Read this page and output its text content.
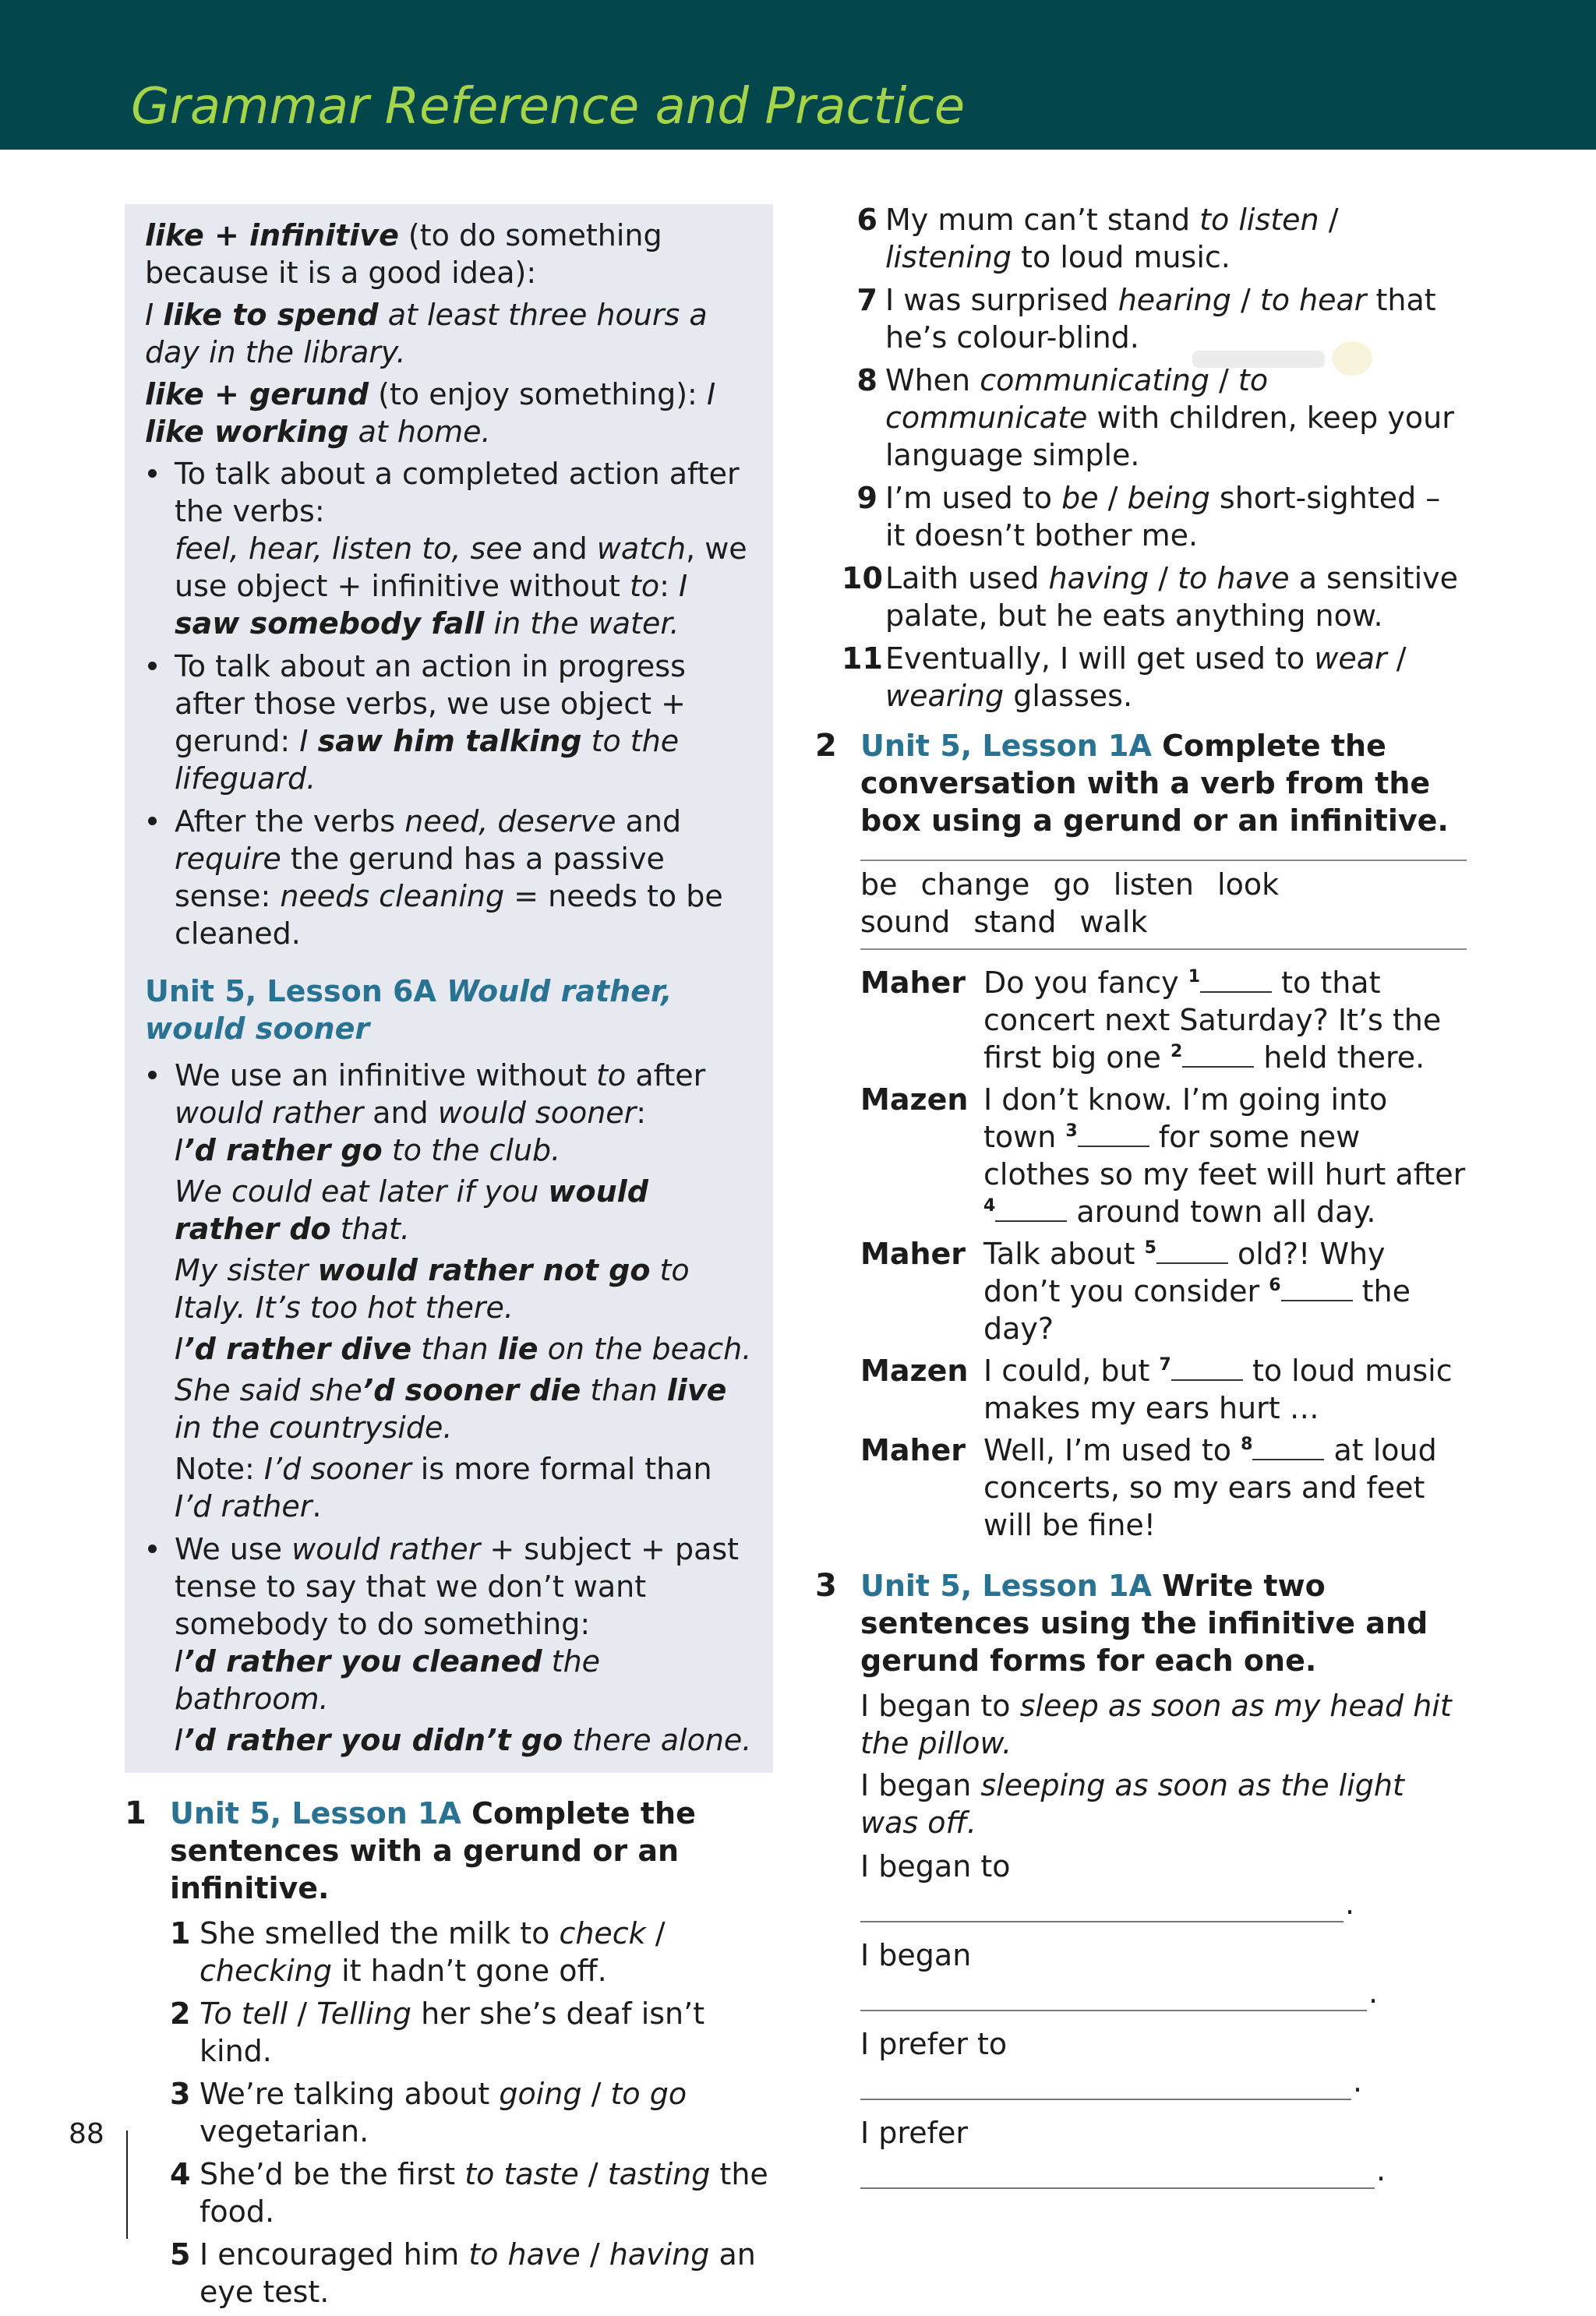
Grammar Reference and Practice

like + infinitive (to do something because it is a good idea):

I like to spend at least three hours a day in the library.

like + gerund (to enjoy something): I like working at home.

To talk about a completed action after the verbs:
feel, hear, listen to, see and watch, we use object + infinitive without to: I saw somebody fall in the water.
To talk about an action in progress after those verbs, we use object + gerund: I saw him talking to the lifeguard.
After the verbs need, deserve and require the gerund has a passive sense: needs cleaning = needs to be cleaned.
Unit 5, Lesson 6A Would rather, would sooner
We use an infinitive without to after would rather and would sooner:
I’d rather go to the club.
We could eat later if you would rather do that.
My sister would rather not go to Italy. It’s too hot there.
I’d rather dive than lie on the beach.
She said she’d sooner die than live in the countryside.
Note: I’d sooner is more formal than I’d rather.
We use would rather + subject + past tense to say that we don’t want somebody to do something:
I’d rather you cleaned the bathroom.
I’d rather you didn’t go there alone.
1 Unit 5, Lesson 1A Complete the sentences with a gerund or an infinitive.
1 She smelled the milk to check / checking it hadn’t gone off.
2 To tell / Telling her she’s deaf isn’t kind.
3 We’re talking about going / to go vegetarian.
4 She’d be the first to taste / tasting the food.
5 I encouraged him to have / having an eye test.
6 My mum can’t stand to listen / listening to loud music.
7 I was surprised hearing / to hear that he’s colour-blind.
8 When communicating / to communicate with children, keep your language simple.
9 I’m used to be / being short-sighted – it doesn’t bother me.
10 Laith used having / to have a sensitive palate, but he eats anything now.
11 Eventually, I will get used to wear / wearing glasses.
2 Unit 5, Lesson 1A Complete the conversation with a verb from the box using a gerund or an infinitive.
be change go listen look
sound stand walk
Maher Do you fancy $^1$ to that concert next Saturday? It’s the first big one $^2$ held there.
Mazen I don’t know. I’m going into town $^3$ for some new clothes so my feet will hurt after $^4$ around town all day.
Maher Talk about $^5$ old?! Why don’t you consider $^6$ the day?
Mazen I could, but $^7$ to loud music makes my ears hurt …
Maher Well, I’m used to $^8$ at loud concerts, so my ears and feet will be fine!
3 Unit 5, Lesson 1A Write two sentences using the infinitive and gerund forms for each one.

I began to sleep as soon as my head hit the pillow.

I began sleeping as soon as the light was off.

I began to
.
I began
.
I prefer to
.
I prefer
.
88
